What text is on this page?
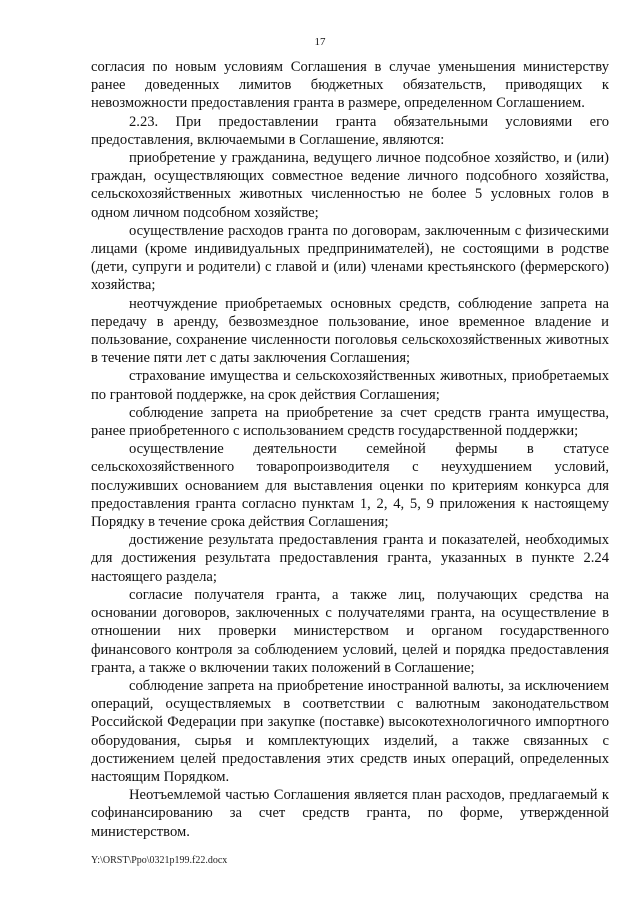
17

согласия по новым условиям Соглашения в случае уменьшения министерству ранее доведенных лимитов бюджетных обязательств, приводящих к невозможности предоставления гранта в размере, определенном Соглашением.

2.23. При предоставлении гранта обязательными условиями его предоставления, включаемыми в Соглашение, являются:

приобретение у гражданина, ведущего личное подсобное хозяйство, и (или) граждан, осуществляющих совместное ведение личного подсобного хозяйства, сельскохозяйственных животных численностью не более 5 условных голов в одном личном подсобном хозяйстве;

осуществление расходов гранта по договорам, заключенным с физическими лицами (кроме индивидуальных предпринимателей), не состоящими в родстве (дети, супруги и родители) с главой и (или) членами крестьянского (фермерского) хозяйства;

неотчуждение приобретаемых основных средств, соблюдение запрета на передачу в аренду, безвозмездное пользование, иное временное владение и пользование, сохранение численности поголовья сельскохозяйственных животных в течение пяти лет с даты заключения Соглашения;

страхование имущества и сельскохозяйственных животных, приобретаемых по грантовой поддержке, на срок действия Соглашения;

соблюдение запрета на приобретение за счет средств гранта имущества, ранее приобретенного с использованием средств государственной поддержки;

осуществление деятельности семейной фермы в статусе сельскохозяйственного товаропроизводителя с неухудшением условий, послуживших основанием для выставления оценки по критериям конкурса для предоставления гранта согласно пунктам 1, 2, 4, 5, 9 приложения к настоящему Порядку в течение срока действия Соглашения;

достижение результата предоставления гранта и показателей, необходимых для достижения результата предоставления гранта, указанных в пункте 2.24 настоящего раздела;

согласие получателя гранта, а также лиц, получающих средства на основании договоров, заключенных с получателями гранта, на осуществление в отношении них проверки министерством и органом государственного финансового контроля за соблюдением условий, целей и порядка предоставления гранта, а также о включении таких положений в Соглашение;

соблюдение запрета на приобретение иностранной валюты, за исключением операций, осуществляемых в соответствии с валютным законодательством Российской Федерации при закупке (поставке) высокотехнологичного импортного оборудования, сырья и комплектующих изделий, а также связанных с достижением целей предоставления этих средств иных операций, определенных настоящим Порядком.

Неотъемлемой частью Соглашения является план расходов, предлагаемый к софинансированию за счет средств гранта, по форме, утвержденной министерством.

Y:\ORST\Ppo\0321p199.f22.docx
